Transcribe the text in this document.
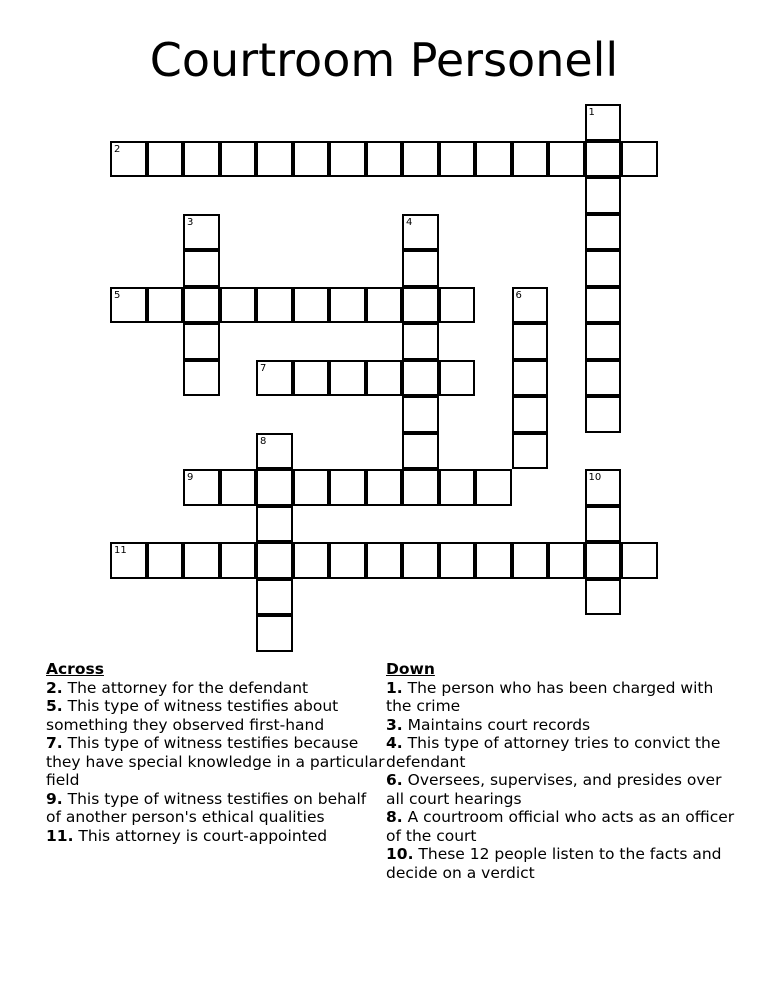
Courtroom Personell
1
2
3	4
5	6
7
8
9	10
11

Across

2. The attorney for the defendant

5. This type of witness testifies about something they observed first-hand

7. This type of witness testifies because they have special knowledge in a particular field

9. This type of witness testifies on behalf of another person's ethical qualities

11. This attorney is court-appointed

Down

1. The person who has been charged with the crime

3. Maintains court records

4. This type of attorney tries to convict the defendant

6. Oversees, supervises, and presides over all court hearings

8. A courtroom official who acts as an officer of the court

10. These 12 people listen to the facts and decide on a verdict
